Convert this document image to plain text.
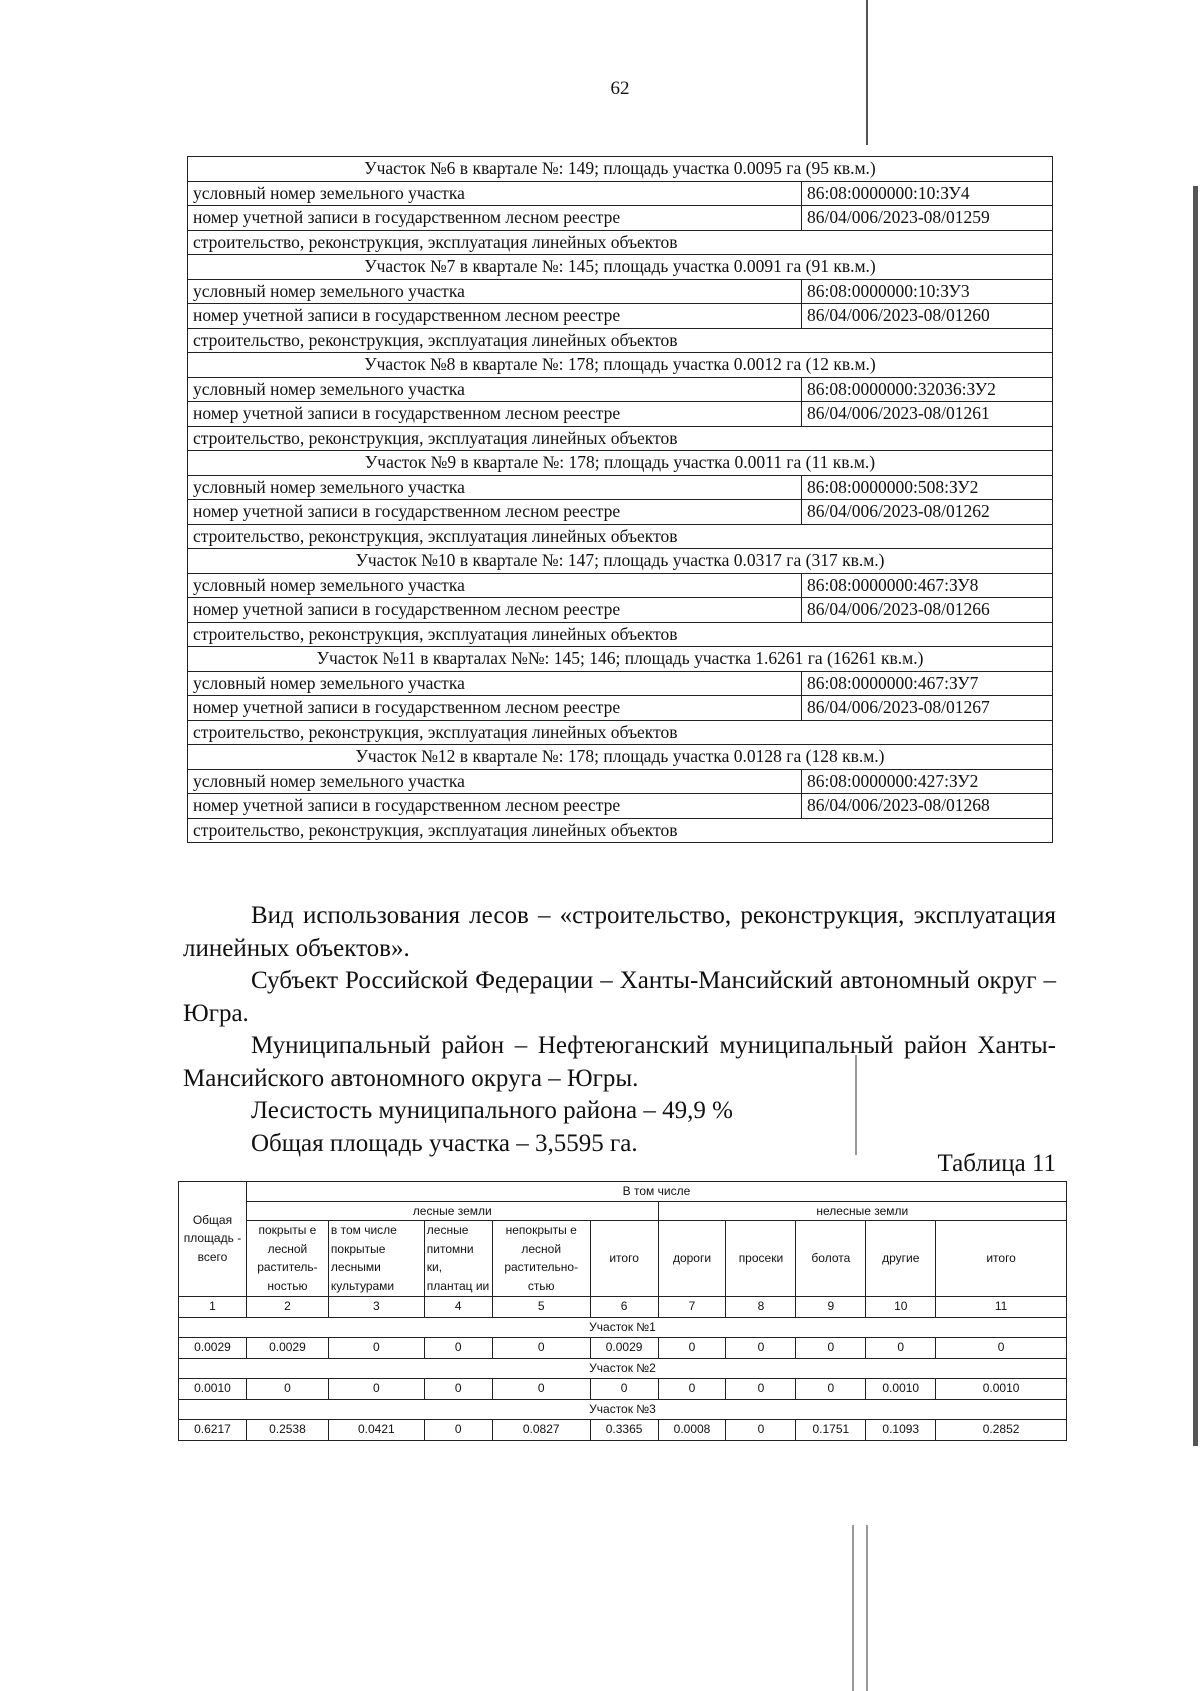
62
Участок №6 в квартале №: 149; площадь участка 0.0095 га (95 кв.м.)	
условный номер земельного участка	86:08:0000000:10:ЗУ4
номер учетной записи в государственном лесном реестре	86/04/006/2023-08/01259
строительство, реконструкция, эксплуатация линейных объектов	
Участок №7 в квартале №: 145; площадь участка 0.0091 га (91 кв.м.)	
условный номер земельного участка	86:08:0000000:10:ЗУ3
номер учетной записи в государственном лесном реестре	86/04/006/2023-08/01260
строительство, реконструкция, эксплуатация линейных объектов	
Участок №8 в квартале №: 178; площадь участка 0.0012 га (12 кв.м.)	
условный номер земельного участка	86:08:0000000:32036:ЗУ2
номер учетной записи в государственном лесном реестре	86/04/006/2023-08/01261
строительство, реконструкция, эксплуатация линейных объектов	
Участок №9 в квартале №: 178; площадь участка 0.0011 га (11 кв.м.)	
условный номер земельного участка	86:08:0000000:508:ЗУ2
номер учетной записи в государственном лесном реестре	86/04/006/2023-08/01262
строительство, реконструкция, эксплуатация линейных объектов	
Участок №10 в квартале №: 147; площадь участка 0.0317 га (317 кв.м.)	
условный номер земельного участка	86:08:0000000:467:ЗУ8
номер учетной записи в государственном лесном реестре	86/04/006/2023-08/01266
строительство, реконструкция, эксплуатация линейных объектов	
Участок №11 в кварталах №№: 145; 146; площадь участка 1.6261 га (16261 кв.м.)	
условный номер земельного участка	86:08:0000000:467:ЗУ7
номер учетной записи в государственном лесном реестре	86/04/006/2023-08/01267
строительство, реконструкция, эксплуатация линейных объектов	
Участок №12 в квартале №: 178; площадь участка 0.0128 га (128 кв.м.)	
условный номер земельного участка	86:08:0000000:427:ЗУ2
номер учетной записи в государственном лесном реестре	86/04/006/2023-08/01268
строительство, реконструкция, эксплуатация линейных объектов	

Вид использования лесов – «строительство, реконструкция, эксплуатация линейных объектов».

Субъект Российской Федерации – Ханты-Мансийский автономный округ – Югра.

Муниципальный район – Нефтеюганский муниципальный район Ханты-Мансийского автономного округа – Югры.

Лесистость муниципального района – 49,9 %

Общая площадь участка – 3,5595 га.

Таблица 11
Общая площадь - всего	В том числе									
	лесные земли					нелесные земли				
	покрыты е лесной раститель-ностью	в том числе покрытые лесными культурами	лесные питомни ки, плантац ии	непокрыты е лесной растительно-стью	итого	дороги	просеки	болота	другие	итого
1	2	3	4	5	6	7	8	9	10	11
Участок №1										
0.0029	0.0029	0	0	0	0.0029	0	0	0	0	0
Участок №2										
0.0010	0	0	0	0	0	0	0	0	0.0010	0.0010
Участок №3										
0.6217	0.2538	0.0421	0	0.0827	0.3365	0.0008	0	0.1751	0.1093	0.2852
